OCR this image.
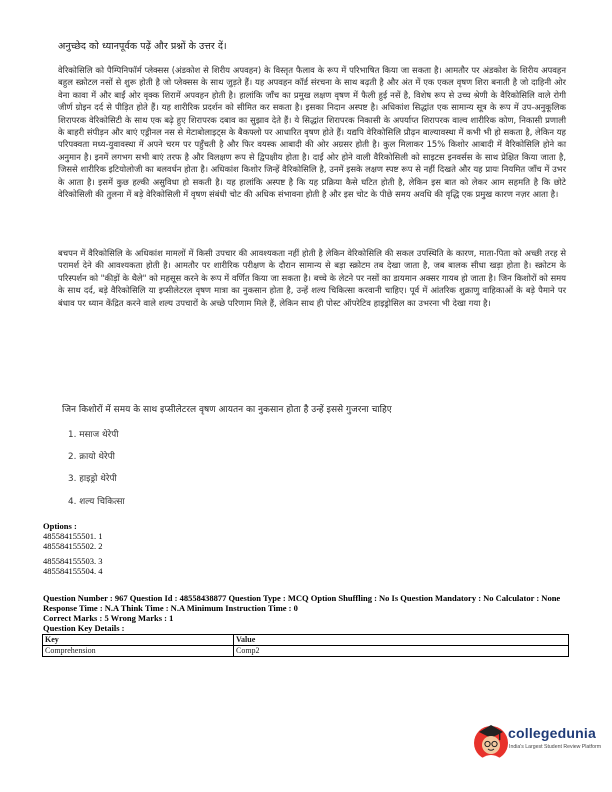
अनुच्छेद को ध्यानपूर्वक पढ़ें और प्रश्नों के उत्तर दें।
वेरिकोसिलि को पैम्पिनिफॉर्म प्लेक्सस (अंडकोश से शिरीय अपवहन) के विस्तृत फैलाव के रूप में परिभाषित किया जा सकता है। आमतौर पर अंडकोश के शिरीय अपवहन बहुल स्क्रोटल नसों से शुरू होती है जो प्लेक्सस के साथ जुड़ते हैं। यह अपवहन कॉर्ड संरचना के साथ बढ़ती है और अंत में एक एकल वृषण शिरा बनाती है जो दाहिनी ओर वेना कावा में और बाईं ओर वृक्क शिरामें अपवहन होती है। हालांकि जाँच का प्रमुख लक्षण वृषण में फैली हुई नसें है, विशेष रूप से उच्च श्रेणी के वैरिकोसिलि वाले रोगी जीर्ण ग्रोइन दर्द से पीड़ित होते हैं। यह शारीरिक प्रदर्शन को सीमित कर सकता है। इसका निदान अस्पष्ट है। अधिकांश सिद्धांत एक सामान्य सूत्र के रूप में उप-अनुकूलिक शिरापरक वेरिकोसिटी के साथ एक बढ़े हुए शिरापरक दबाव का सुझाव देते हैं। ये सिद्धांत शिरापरक निकासी के अपर्याप्त शिरापरक वाल्व शारीरिक कोण, निकासी प्रणाली के बाहरी संपीड़न और बाएं एड्रीनल नस से मेटाबोलाइट्स के बैकफ्लो पर आधारित वृषण होते हैं। यद्यपि वेरिकोसिलि प्रौढ़न बाल्यावस्था में कभी भी हो सकता है, लेकिन यह परिपक्वता मध्य-युवावस्था में अपने चरम पर पहुँचती है और फिर वयस्क आबादी की ओर अग्रसर होती है। कुल मिलाकर 15% किशोर आबादी में वैरिकोसिलि होने का अनुमान है। इनमें लगभग सभी बाएं तरफ है और विलक्षण रूप से द्विपक्षीय होता है। दाईं ओर होने वाली वैरिकोसिली को साइटस इनवर्सस के साथ प्रेक्षित किया जाता है, जिससे शारीरिक इटियोलोजी का बलवर्धन होता है। अधिकांश किशोर जिन्हें वैरिकोसिलि है, उनमें इसके लक्षण स्पष्ट रूप से नहीं दिखते और यह प्रायः नियमित जाँच में उभर के आता है। इसमें कुछ हल्की असुविधा हो सकती है। यह हालांकि अस्पष्ट है कि यह प्रक्रिया कैसे घटित होती है, लेकिन इस बात को लेकर आम सहमति है कि छोटे वेरिकोसिली की तुलना में बड़े वेरिकोसिली में वृषण संबंधी चोट की अधिक संभावना होती है और इस चोट के पीछे समय अवधि की वृद्धि एक प्रमुख कारण नज़र आता है।
बचपन में वैरिकोसिलि के अधिकांश मामलों में किसी उपचार की आवश्यकता नहीं होती है लेकिन वेरिकोसिलि की सकल उपस्थिति के कारण, माता-पिता को अच्छी तरह से परामर्श देने की आवश्यकता होती है। आमतौर पर शारीरिक परीक्षण के दौरान सामान्य से बड़ा स्क्रोटम तब देखा जाता है, जब बालक सीधा खड़ा होता है। स्क्रोटम के परिस्पर्शन को "कीड़ों के थैले" को महसूस करने के रूप में वर्णित किया जा सकता है। बच्चे के लेटने पर नसों का डायमान अक्सर गायब हो जाता है। जिन किशोरों को समय के साथ दर्द, बड़े वैरिकोसिलि या इप्सीलेटरल वृषण मात्रा का नुकसान होता है, उन्हें शल्य चिकित्सा करवानी चाहिए। पूर्व में आंतरिक शुक्राणु वाहिकाओं के बड़े पैमाने पर बंधाव पर ध्यान केंद्रित करने वाले शल्य उपचारों के अच्छे परिणाम मिले हैं, लेकिन साथ ही पोस्ट ऑपरेटिव हाइड्रोसिल का उभरना भी देखा गया है।
जिन किशोरों में समय के साथ इप्सीलेटरल वृषण आयतन का नुकसान होता है उन्हें इससे गुजरना चाहिए
1. मसाज थेरेपी
2. क्रायो थेरेपी
3. हाइड्रो थेरेपी
4. शल्य चिकित्सा
Options :
485584155501. 1
485584155502. 2
485584155503. 3
485584155504. 4
Question Number : 967 Question Id : 48558438877 Question Type : MCQ Option Shuffling : No Is Question Mandatory : No Calculator : None
Response Time : N.A Think Time : N.A Minimum Instruction Time : 0
Correct Marks : 5 Wrong Marks : 1
Question Key Details :
Key	Value
Comprehension	Comp2
collegedunia
India's Largest Student Review Platform
